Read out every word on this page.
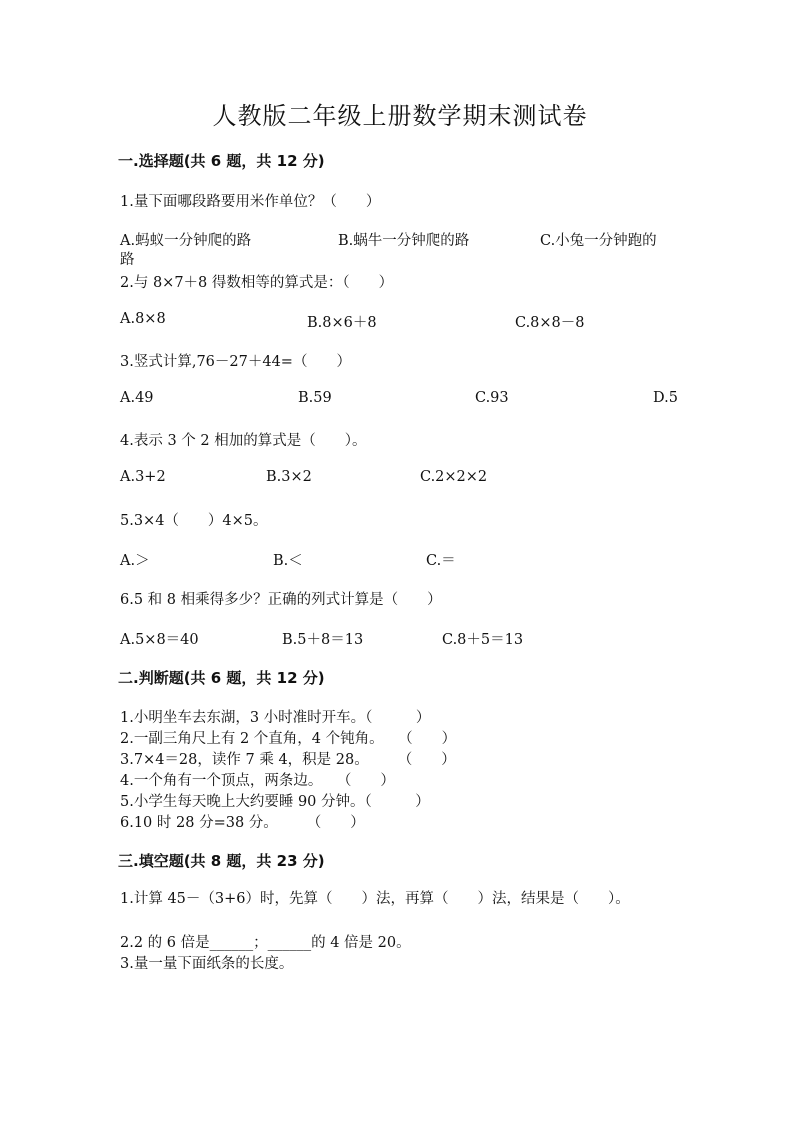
人教版二年级上册数学期末测试卷
一.选择题(共 6 题，共 12 分)
1.量下面哪段路要用米作单位？（　　）
A.蚂蚁一分钟爬的路	B.蜗牛一分钟爬的路	C.小兔一分钟跑的
路
2.与 8×7＋8 得数相等的算式是：（　　）
A.8×8	B.8×6＋8	C.8×8－8
3.竖式计算,76－27＋44=（　　）
A.49	B.59	C.93	D.5
4.表示 3 个 2 相加的算式是（　　）。
A.3+2	B.3×2	C.2×2×2
5.3×4（　　）4×5。
A.＞	B.＜	C.＝
6.5 和 8 相乘得多少？正确的列式计算是（　　）
A.5×8＝40	B.5＋8＝13	C.8＋5＝13
二.判断题(共 6 题，共 12 分)
1.小明坐车去东湖，3 小时准时开车。（　　　）
2.一副三角尺上有 2 个直角，4 个钝角。　　（　　）
3.7×4＝28，读作 7 乘 4，积是 28。　　　（　　）
4.一个角有一个顶点，两条边。　　（　　）
5.小学生每天晚上大约要睡 90 分钟。（　　　）
6.10 时 28 分=38 分。　　　（　　）
三.填空题(共 8 题，共 23 分)
1.计算 45－（3+6）时，先算（　　）法，再算（　　）法，结果是（　　）。
2.2 的 6 倍是______；______的 4 倍是 20。
3.量一量下面纸条的长度。
